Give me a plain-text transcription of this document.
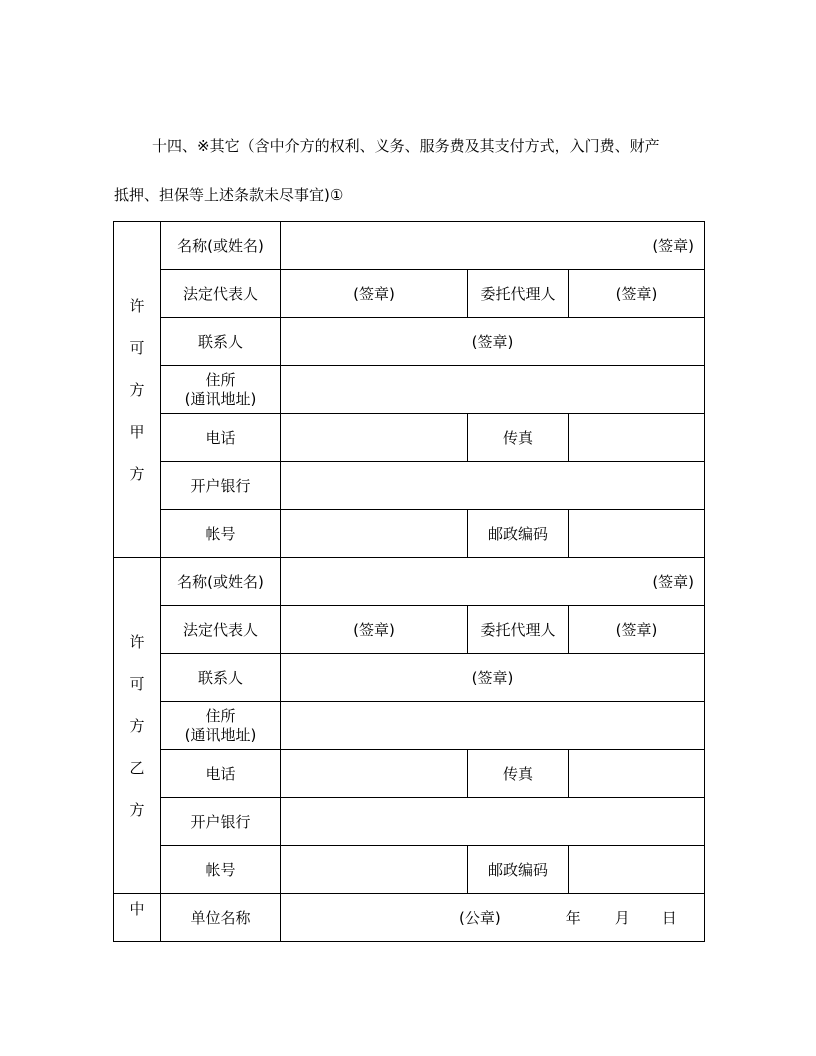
十四、※其它（含中介方的权利、义务、服务费及其支付方式，入门费、财产
抵押、担保等上述条款未尽事宜)①
许
可
方
甲
方	名称(或姓名)	(签章)		
	法定代表人	(签章)	委托代理人	(签章)
	联系人	(签章)		
	住所
(通讯地址)			
	电话		传真	
	开户银行			
	帐号		邮政编码	

许
可
方
乙
方	名称(或姓名)	(签章)		
	法定代表人	(签章)	委托代理人	(签章)
	联系人	(签章)		
	住所
(通讯地址)			
	电话		传真	
	开户银行			
	帐号		邮政编码	
中	单位名称	(公章) 年 月 日		
